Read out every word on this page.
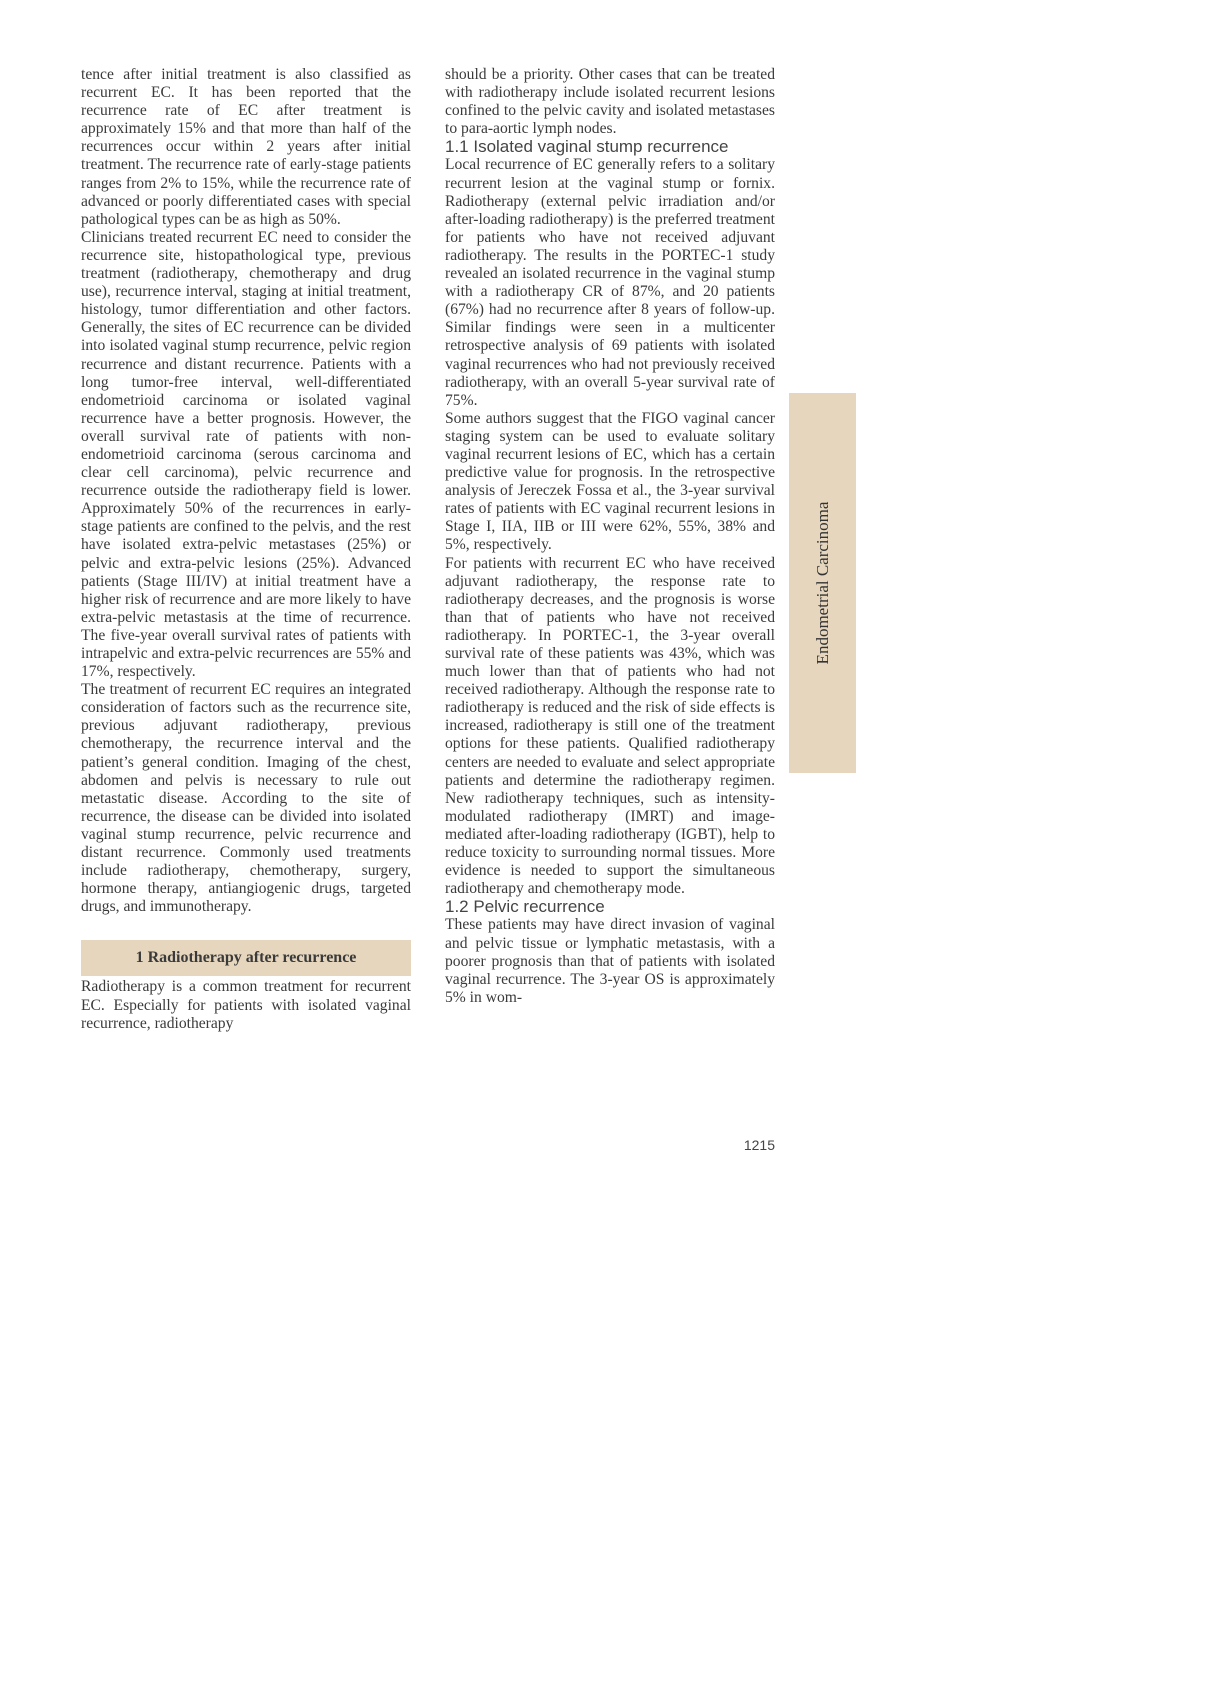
tence after initial treatment is also classified as recurrent EC. It has been reported that the recurrence rate of EC after treatment is approximately 15% and that more than half of the recurrences occur within 2 years after initial treatment. The recurrence rate of early-stage patients ranges from 2% to 15%, while the recurrence rate of advanced or poorly differentiated cases with special pathological types can be as high as 50%.

Clinicians treated recurrent EC need to consider the recurrence site, histopathological type, previous treatment (radiotherapy, chemotherapy and drug use), recurrence interval, staging at initial treatment, histology, tumor differentiation and other factors. Generally, the sites of EC recurrence can be divided into isolated vaginal stump recurrence, pelvic region recurrence and distant recurrence. Patients with a long tumor-free interval, well-differentiated endometrioid carcinoma or isolated vaginal recurrence have a better prognosis. However, the overall survival rate of patients with non-endometrioid carcinoma (serous carcinoma and clear cell carcinoma), pelvic recurrence and recurrence outside the radiotherapy field is lower. Approximately 50% of the recurrences in early-stage patients are confined to the pelvis, and the rest have isolated extra-pelvic metastases (25%) or pelvic and extra-pelvic lesions (25%). Advanced patients (Stage III/IV) at initial treatment have a higher risk of recurrence and are more likely to have extra-pelvic metastasis at the time of recurrence. The five-year overall survival rates of patients with intrapelvic and extra-pelvic recurrences are 55% and 17%, respectively.

The treatment of recurrent EC requires an integrated consideration of factors such as the recurrence site, previous adjuvant radiotherapy, previous chemotherapy, the recurrence interval and the patient’s general condition. Imaging of the chest, abdomen and pelvis is necessary to rule out metastatic disease. According to the site of recurrence, the disease can be divided into isolated vaginal stump recurrence, pelvic recurrence and distant recurrence. Commonly used treatments include radiotherapy, chemotherapy, surgery, hormone therapy, antiangiogenic drugs, targeted drugs, and immunotherapy.

1 Radiotherapy after recurrence

Radiotherapy is a common treatment for recurrent EC. Especially for patients with isolated vaginal recurrence, radiotherapy

should be a priority. Other cases that can be treated with radiotherapy include isolated recurrent lesions confined to the pelvic cavity and isolated metastases to para-aortic lymph nodes.

1.1 Isolated vaginal stump recurrence

Local recurrence of EC generally refers to a solitary recurrent lesion at the vaginal stump or fornix. Radiotherapy (external pelvic irradiation and/or after-loading radiotherapy) is the preferred treatment for patients who have not received adjuvant radiotherapy. The results in the PORTEC-1 study revealed an isolated recurrence in the vaginal stump with a radiotherapy CR of 87%, and 20 patients (67%) had no recurrence after 8 years of follow-up. Similar findings were seen in a multicenter retrospective analysis of 69 patients with isolated vaginal recurrences who had not previously received radiotherapy, with an overall 5-year survival rate of 75%.

Some authors suggest that the FIGO vaginal cancer staging system can be used to evaluate solitary vaginal recurrent lesions of EC, which has a certain predictive value for prognosis. In the retrospective analysis of Jereczek Fossa et al., the 3-year survival rates of patients with EC vaginal recurrent lesions in Stage I, IIA, IIB or III were 62%, 55%, 38% and 5%, respectively.

For patients with recurrent EC who have received adjuvant radiotherapy, the response rate to radiotherapy decreases, and the prognosis is worse than that of patients who have not received radiotherapy. In PORTEC-1, the 3-year overall survival rate of these patients was 43%, which was much lower than that of patients who had not received radiotherapy. Although the response rate to radiotherapy is reduced and the risk of side effects is increased, radiotherapy is still one of the treatment options for these patients. Qualified radiotherapy centers are needed to evaluate and select appropriate patients and determine the radiotherapy regimen. New radiotherapy techniques, such as intensity-modulated radiotherapy (IMRT) and image-mediated after-loading radiotherapy (IGBT), help to reduce toxicity to surrounding normal tissues. More evidence is needed to support the simultaneous radiotherapy and chemotherapy mode.

1.2 Pelvic recurrence

These patients may have direct invasion of vaginal and pelvic tissue or lymphatic metastasis, with a poorer prognosis than that of patients with isolated vaginal recurrence. The 3-year OS is approximately 5% in wom-

Endometrial Carcinoma
1215
